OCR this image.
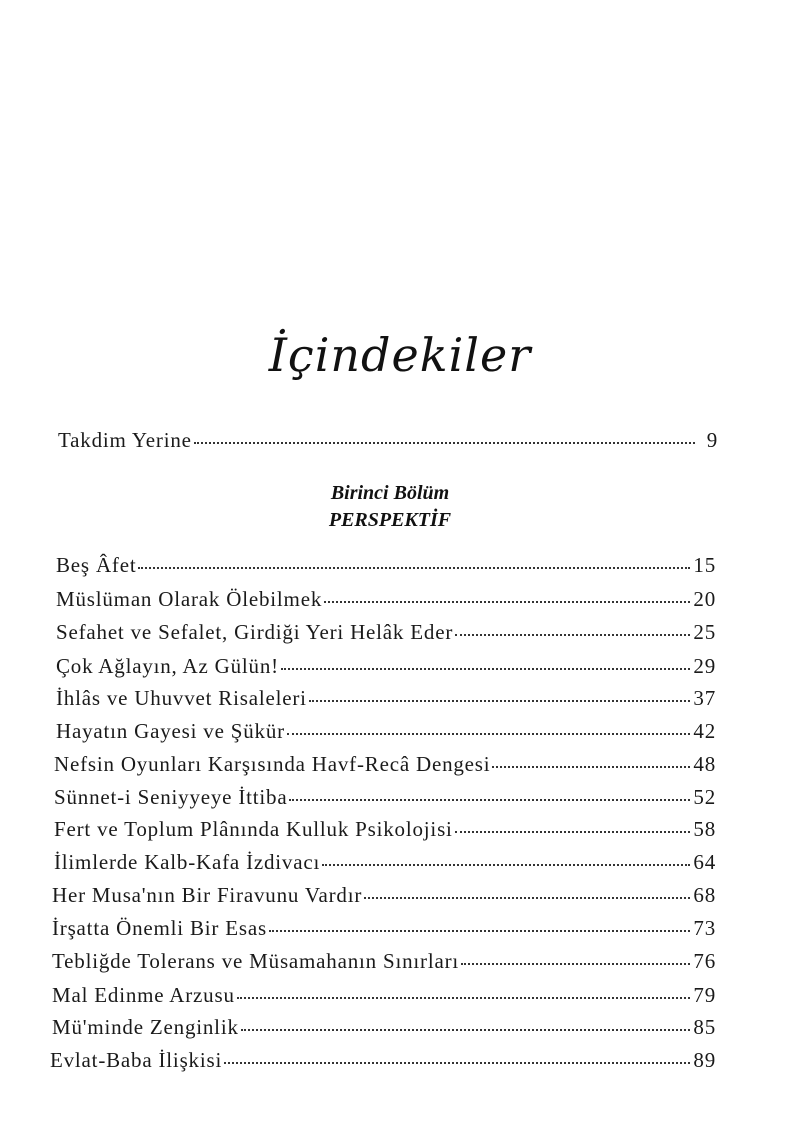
İçindekiler
Takdim Yerine	9
Birinci Bölüm
PERSPEKTİF
Beş Âfet	15
Müslüman Olarak Ölebilmek	20
Sefahet ve Sefalet, Girdiği Yeri Helâk Eder	25
Çok Ağlayın, Az Gülün!	29
İhlâs ve Uhuvvet Risaleleri	37
Hayatın Gayesi ve Şükür	42
Nefsin Oyunları Karşısında Havf-Recâ Dengesi	48
Sünnet-i Seniyyeye İttiba	52
Fert ve Toplum Plânında Kulluk Psikolojisi	58
İlimlerde Kalb-Kafa İzdivacı	64
Her Musa'nın Bir Firavunu Vardır	68
İrşatta Önemli Bir Esas	73
Tebliğde Tolerans ve Müsamahanın Sınırları	76
Mal Edinme Arzusu	79
Mü'minde Zenginlik	85
Evlat-Baba İlişkisi	89
